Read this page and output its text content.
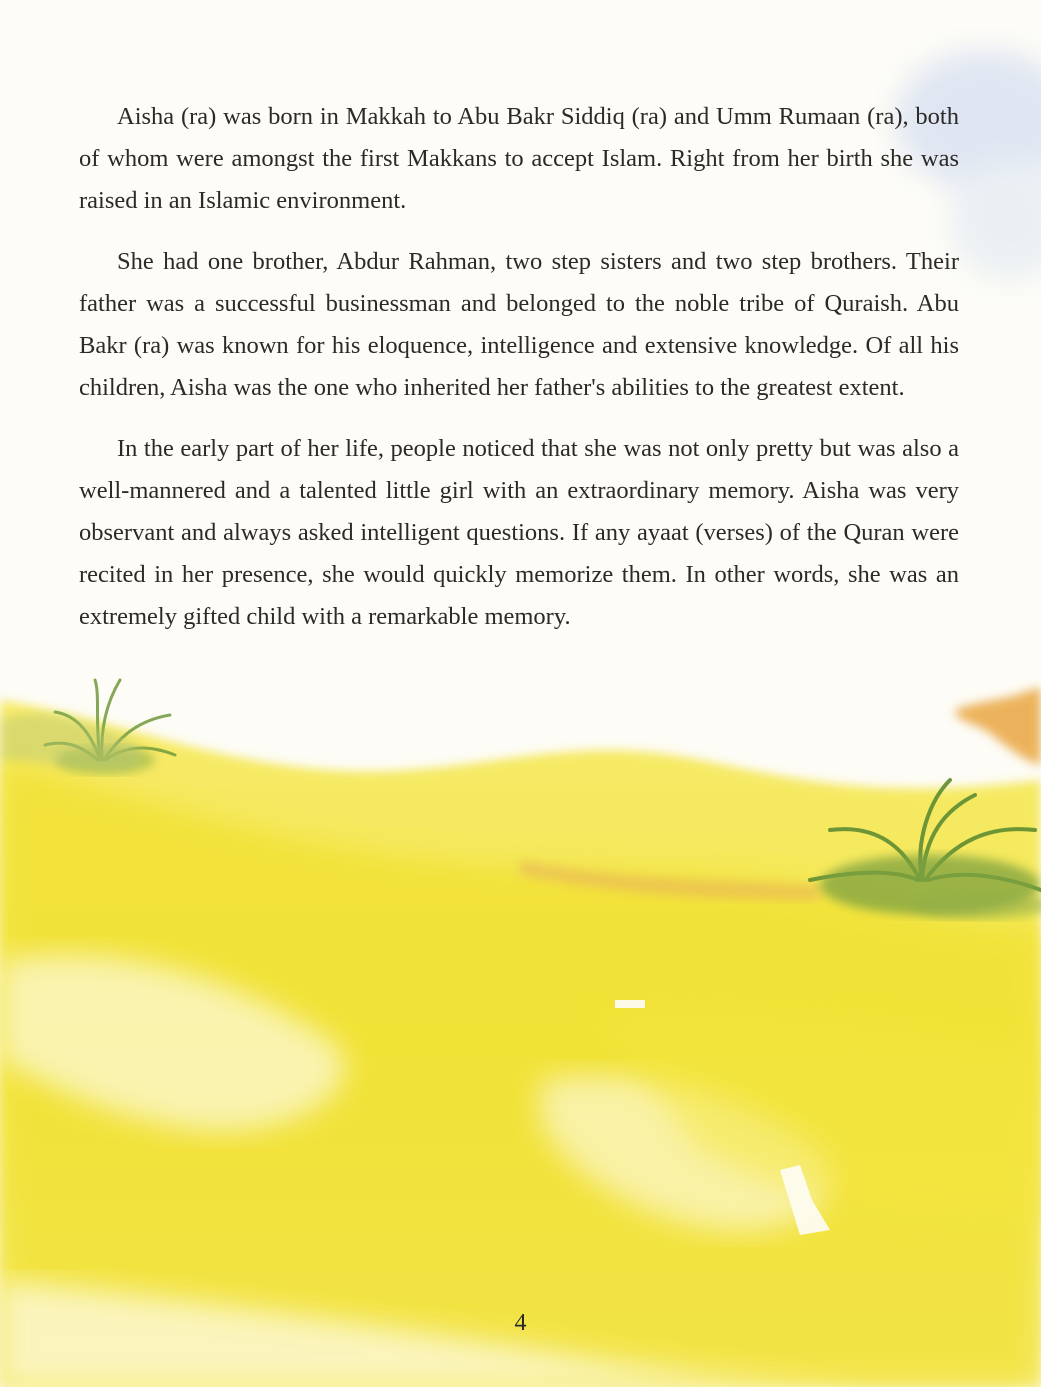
Aisha (ra) was born in Makkah to Abu Bakr Siddiq (ra) and Umm Rumaan (ra), both of whom were amongst the first Makkans to accept Islam. Right from her birth she was raised in an Islamic environment.

She had one brother, Abdur Rahman, two step sisters and two step brothers. Their father was a successful businessman and belonged to the noble tribe of Quraish. Abu Bakr (ra) was known for his eloquence, intelligence and extensive knowledge. Of all his children, Aisha was the one who inherited her father's abilities to the greatest extent.

In the early part of her life, people noticed that she was not only pretty but was also a well-mannered and a talented little girl with an extraordinary memory. Aisha was very observant and always asked intelligent questions. If any ayaat (verses) of the Quran were recited in her presence, she would quickly memorize them. In other words, she was an extremely gifted child with a remarkable memory.

4
